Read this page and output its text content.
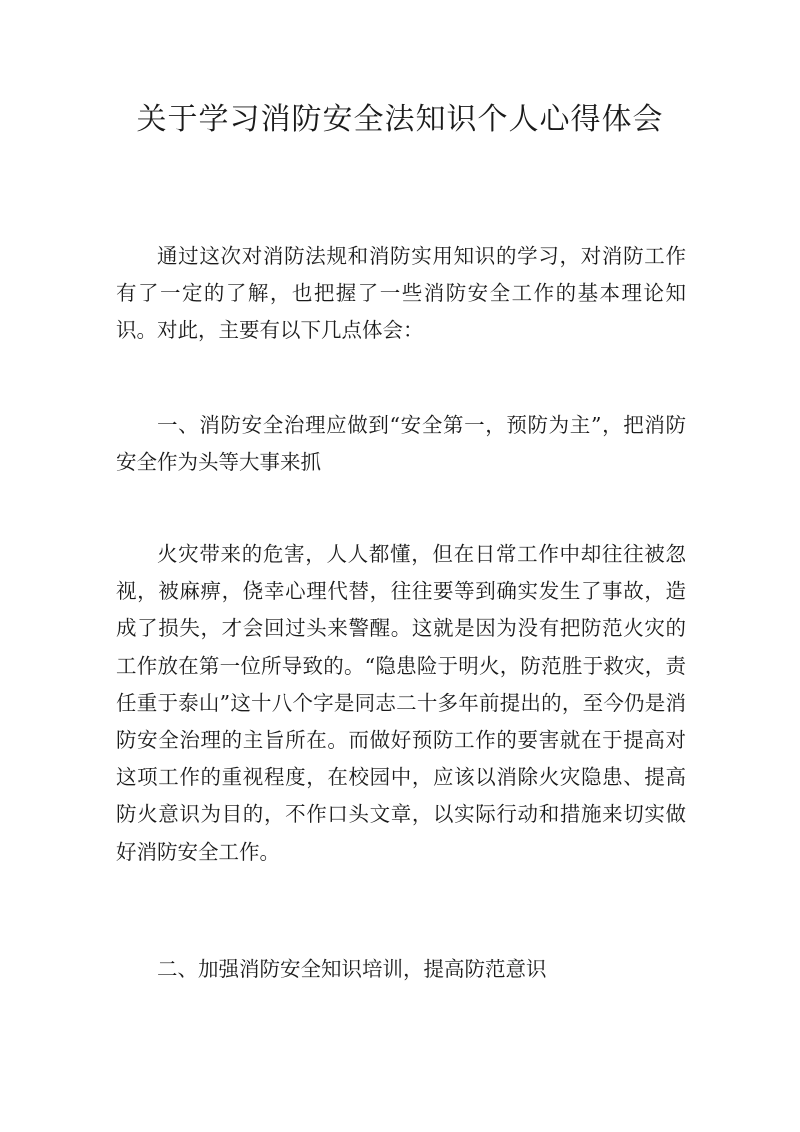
关于学习消防安全法知识个人心得体会

通过这次对消防法规和消防实用知识的学习，对消防工作有了一定的了解，也把握了一些消防安全工作的基本理论知识。对此，主要有以下几点体会：

一、消防安全治理应做到“安全第一，预防为主”，把消防安全作为头等大事来抓

火灾带来的危害，人人都懂，但在日常工作中却往往被忽视，被麻痹，侥幸心理代替，往往要等到确实发生了事故，造成了损失，才会回过头来警醒。这就是因为没有把防范火灾的工作放在第一位所导致的。“隐患险于明火，防范胜于救灾，责任重于泰山”这十八个字是同志二十多年前提出的，至今仍是消防安全治理的主旨所在。而做好预防工作的要害就在于提高对这项工作的重视程度，在校园中，应该以消除火灾隐患、提高防火意识为目的，不作口头文章，以实际行动和措施来切实做好消防安全工作。

二、加强消防安全知识培训，提高防范意识
